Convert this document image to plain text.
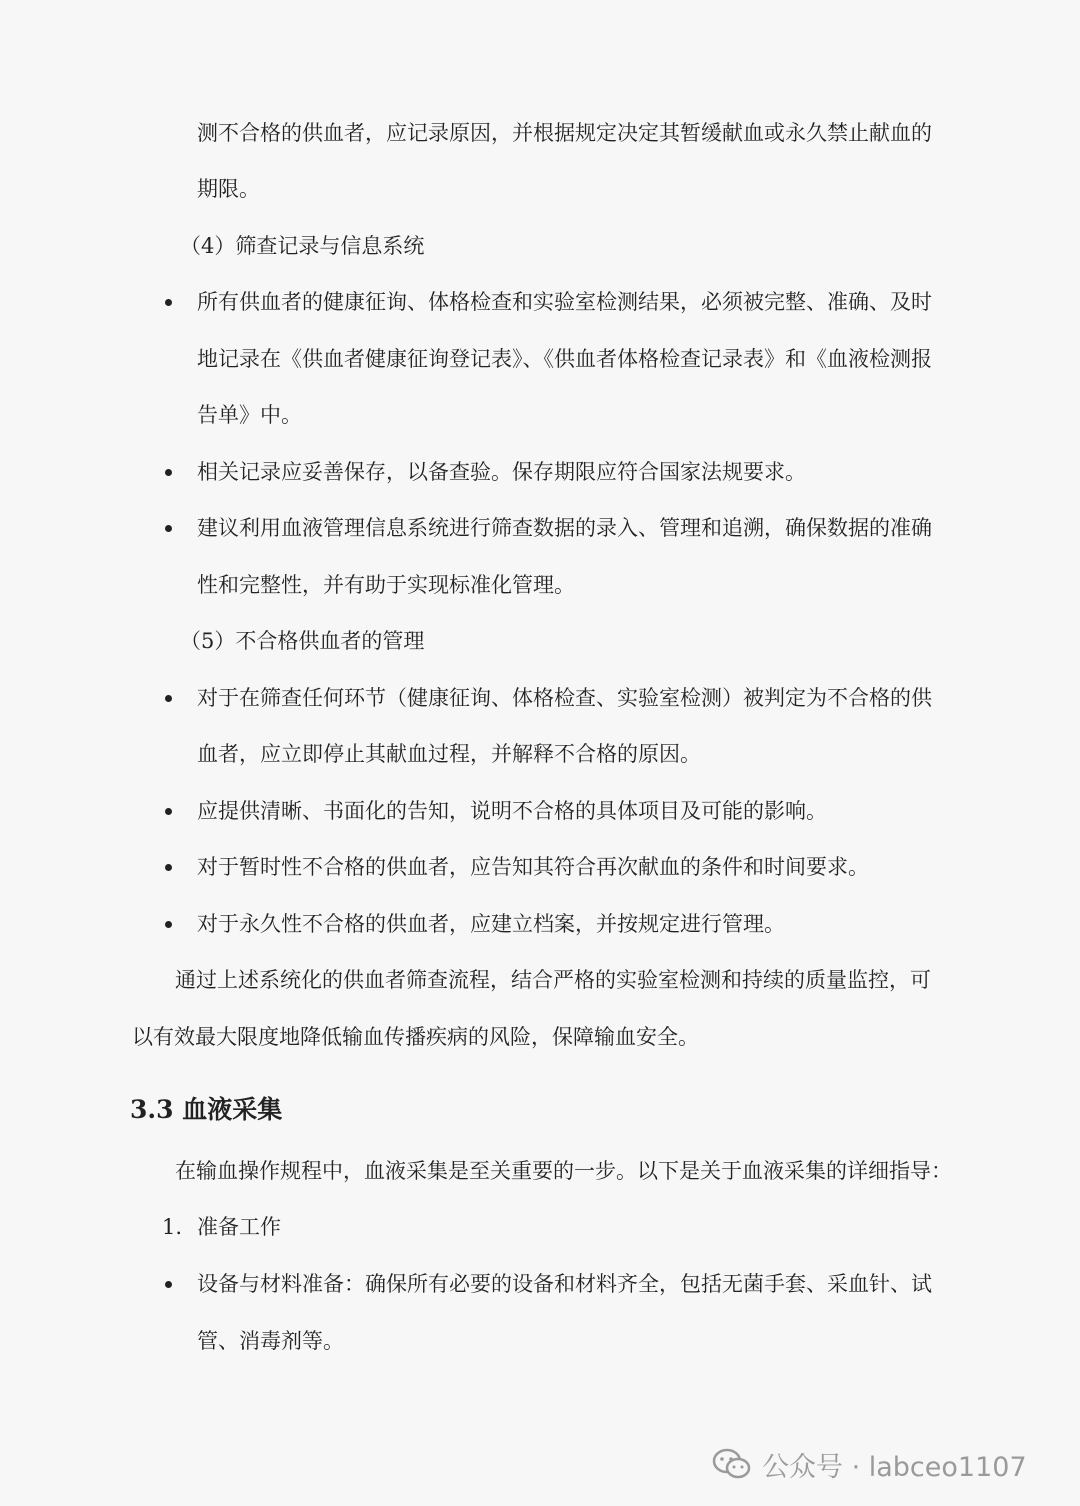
测不合格的供血者，应记录原因，并根据规定决定其暂缓献血或永久禁止献血的
期限。
（4）筛查记录与信息系统
所有供血者的健康征询、体格检查和实验室检测结果，必须被完整、准确、及时
地记录在《供血者健康征询登记表》、《供血者体格检查记录表》和《血液检测报
告单》中。
相关记录应妥善保存，以备查验。保存期限应符合国家法规要求。
建议利用血液管理信息系统进行筛查数据的录入、管理和追溯，确保数据的准确
性和完整性，并有助于实现标准化管理。
（5）不合格供血者的管理
对于在筛查任何环节（健康征询、体格检查、实验室检测）被判定为不合格的供
血者，应立即停止其献血过程，并解释不合格的原因。
应提供清晰、书面化的告知，说明不合格的具体项目及可能的影响。
对于暂时性不合格的供血者，应告知其符合再次献血的条件和时间要求。
对于永久性不合格的供血者，应建立档案，并按规定进行管理。
通过上述系统化的供血者筛查流程，结合严格的实验室检测和持续的质量监控，可
以有效最大限度地降低输血传播疾病的风险，保障输血安全。
3.3 血液采集
在输血操作规程中，血液采集是至关重要的一步。以下是关于血液采集的详细指导：
1. 准备工作
设备与材料准备：确保所有必要的设备和材料齐全，包括无菌手套、采血针、试
管、消毒剂等。
公众号 · labceo1107
